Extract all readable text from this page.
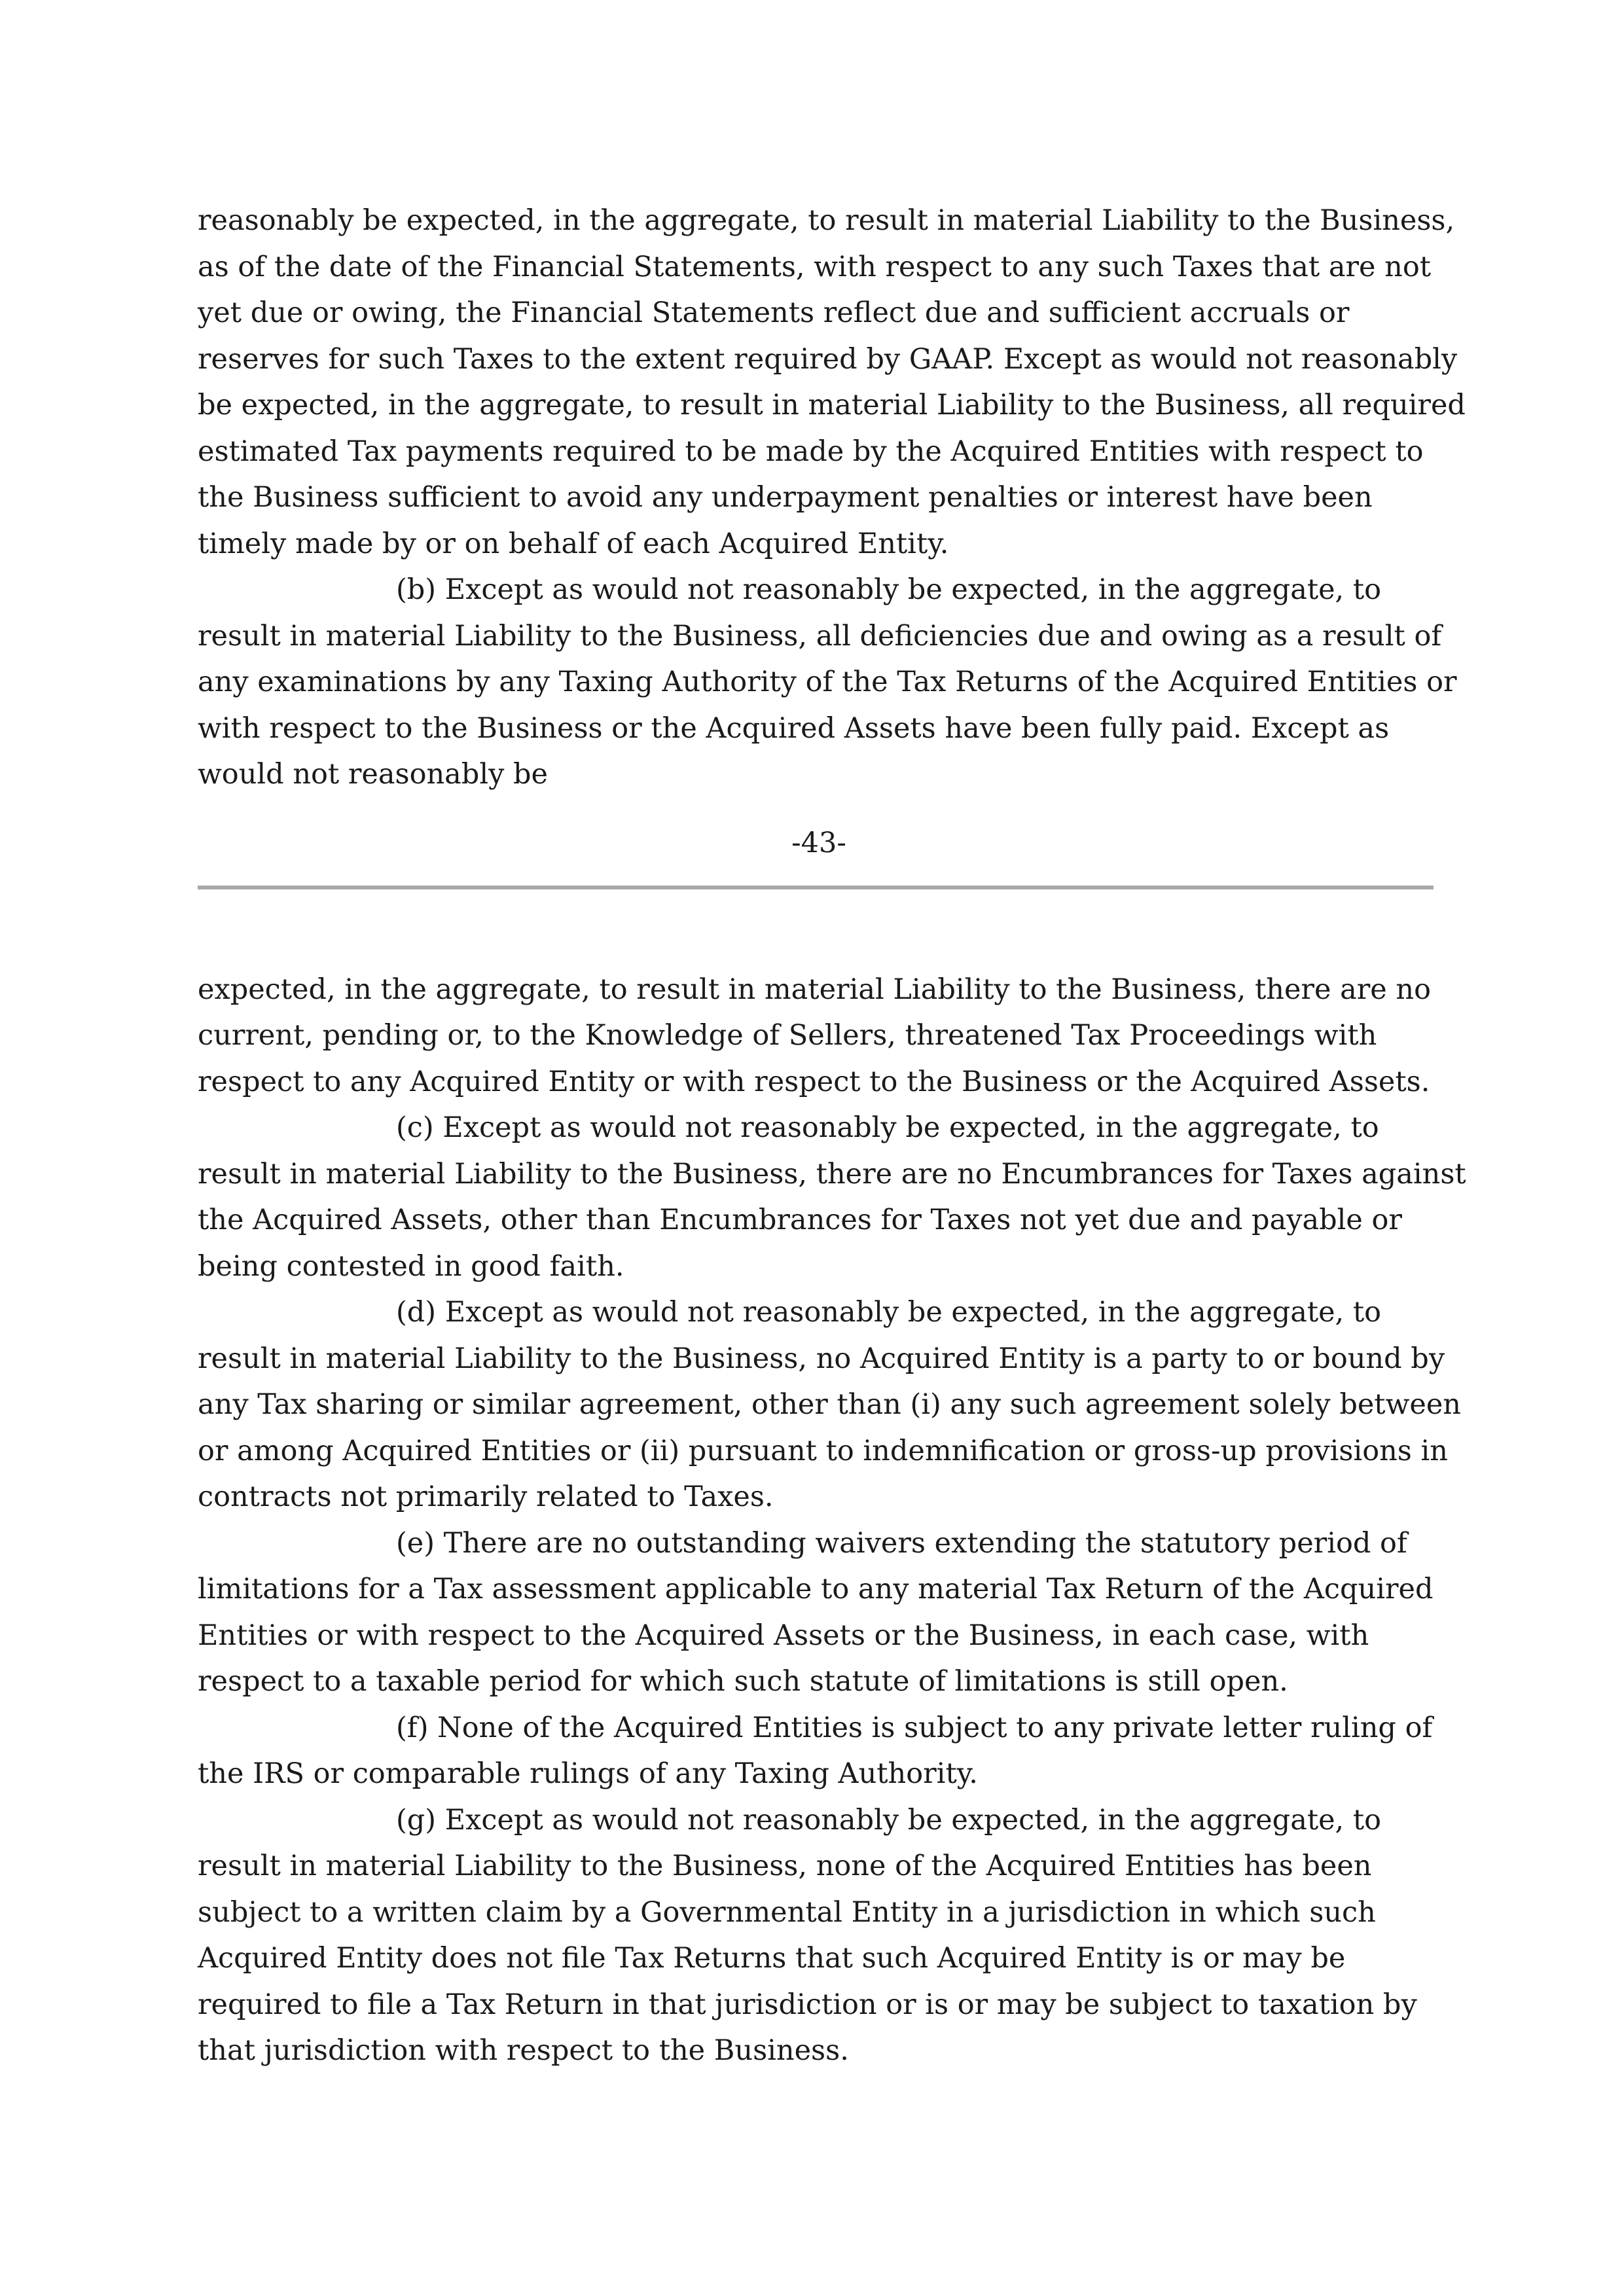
reasonably be expected, in the aggregate, to result in material Liability to the Business,
as of the date of the Financial Statements, with respect to any such Taxes that are not
yet due or owing, the Financial Statements reflect due and sufficient accruals or
reserves for such Taxes to the extent required by GAAP. Except as would not reasonably
be expected, in the aggregate, to result in material Liability to the Business, all required
estimated Tax payments required to be made by the Acquired Entities with respect to
the Business sufficient to avoid any underpayment penalties or interest have been
timely made by or on behalf of each Acquired Entity.

(b) Except as would not reasonably be expected, in the aggregate, to
result in material Liability to the Business, all deficiencies due and owing as a result of
any examinations by any Taxing Authority of the Tax Returns of the Acquired Entities or
with respect to the Business or the Acquired Assets have been fully paid. Except as
would not reasonably be

-43-

expected, in the aggregate, to result in material Liability to the Business, there are no
current, pending or, to the Knowledge of Sellers, threatened Tax Proceedings with
respect to any Acquired Entity or with respect to the Business or the Acquired Assets.

(c) Except as would not reasonably be expected, in the aggregate, to
result in material Liability to the Business, there are no Encumbrances for Taxes against
the Acquired Assets, other than Encumbrances for Taxes not yet due and payable or
being contested in good faith.

(d) Except as would not reasonably be expected, in the aggregate, to
result in material Liability to the Business, no Acquired Entity is a party to or bound by
any Tax sharing or similar agreement, other than (i) any such agreement solely between
or among Acquired Entities or (ii) pursuant to indemnification or gross-up provisions in
contracts not primarily related to Taxes.

(e) There are no outstanding waivers extending the statutory period of
limitations for a Tax assessment applicable to any material Tax Return of the Acquired
Entities or with respect to the Acquired Assets or the Business, in each case, with
respect to a taxable period for which such statute of limitations is still open.

(f) None of the Acquired Entities is subject to any private letter ruling of
the IRS or comparable rulings of any Taxing Authority.

(g) Except as would not reasonably be expected, in the aggregate, to
result in material Liability to the Business, none of the Acquired Entities has been
subject to a written claim by a Governmental Entity in a jurisdiction in which such
Acquired Entity does not file Tax Returns that such Acquired Entity is or may be
required to file a Tax Return in that jurisdiction or is or may be subject to taxation by
that jurisdiction with respect to the Business.
